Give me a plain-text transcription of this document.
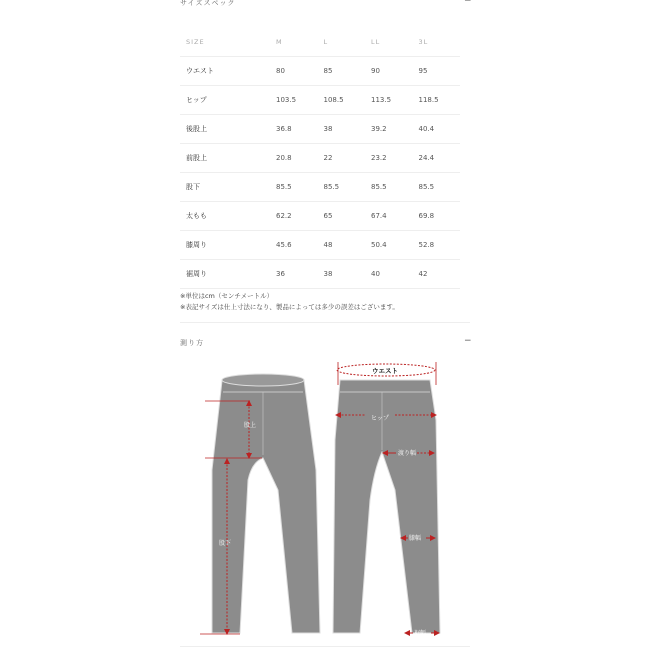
サイズスペック	−
SIZE	M	L	LL	3L
ウエスト	80	85	90	95
ヒップ	103.5	108.5	113.5	118.5
後股上	36.8	38	39.2	40.4
前股上	20.8	22	23.2	24.4
股下	85.5	85.5	85.5	85.5
太もも	62.2	65	67.4	69.8
膝周り	45.6	48	50.4	52.8
裾周り	36	38	40	42
※単位はcm（センチメートル）
※表記サイズは仕上寸法になり、製品によっては多少の誤差はございます。
測り方	−
股上
股下
ウエスト
ヒップ
渡り幅
膝幅
裾幅
